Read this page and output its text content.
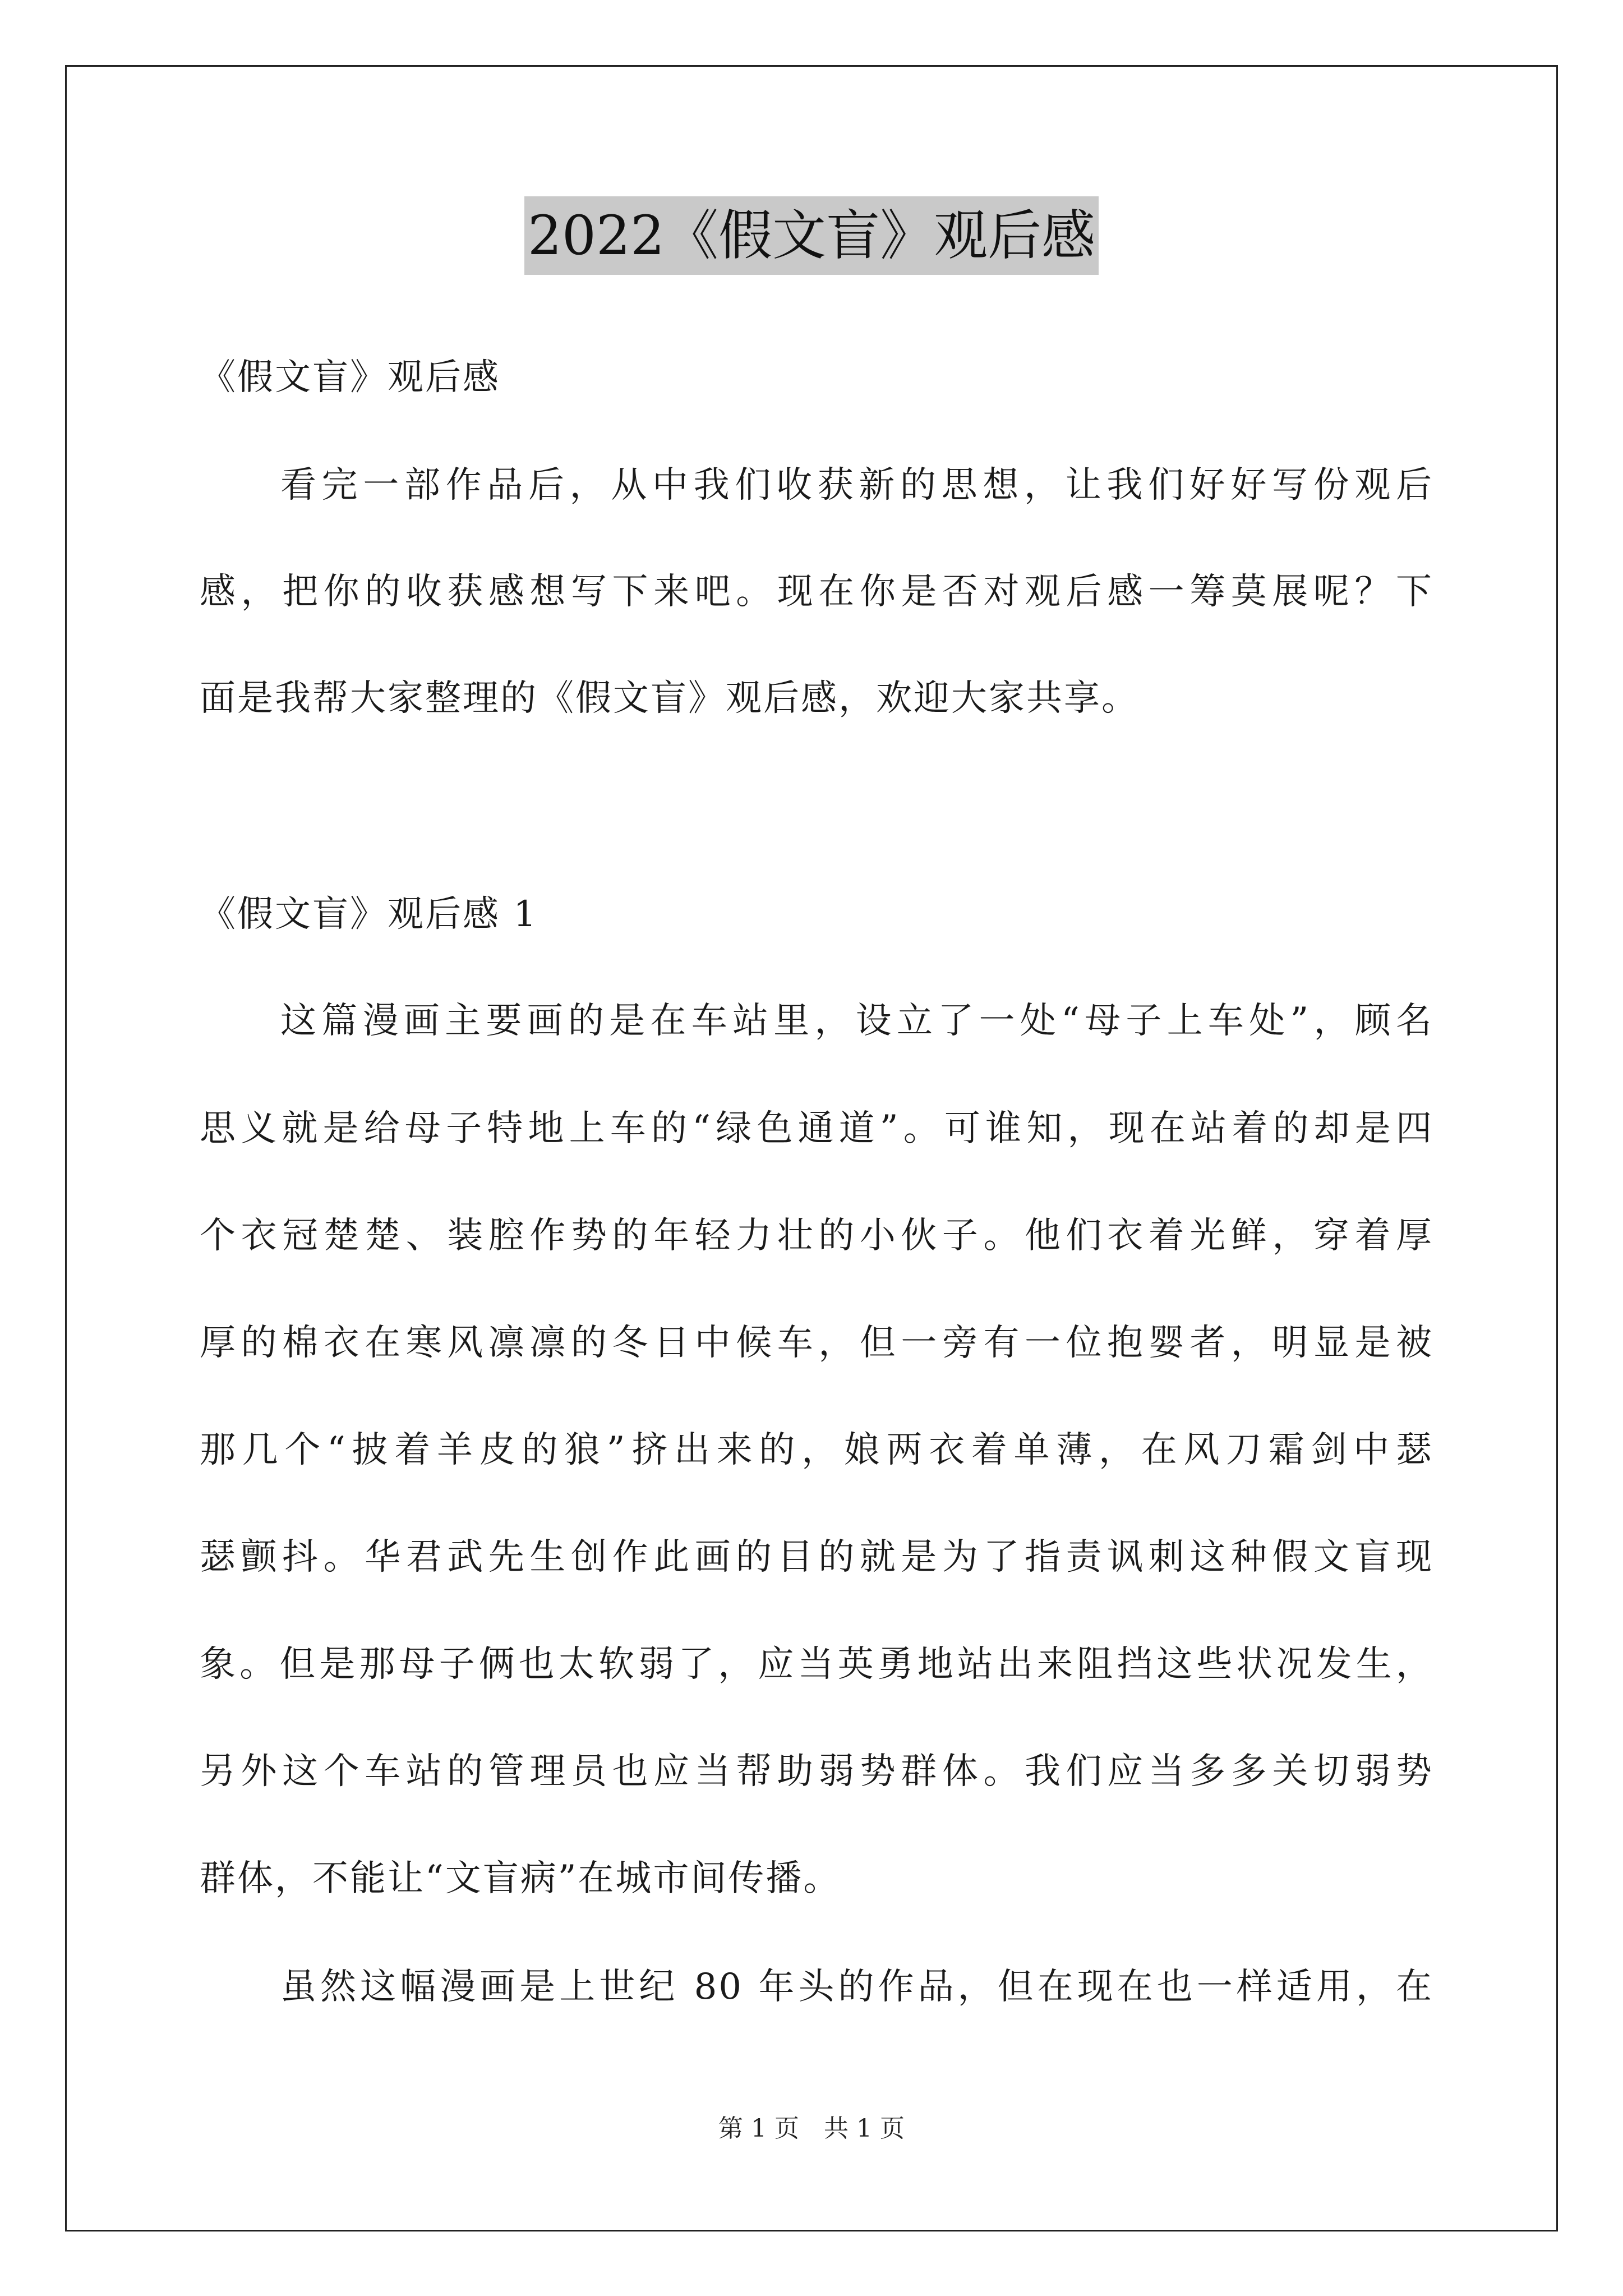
2022《假文盲》观后感
《假文盲》观后感
看完一部作品后，从中我们收获新的思想，让我们好好写份观后
感，把你的收获感想写下来吧。现在你是否对观后感一筹莫展呢？下
面是我帮大家整理的《假文盲》观后感，欢迎大家共享。
《假文盲》观后感 1
这篇漫画主要画的是在车站里，设立了一处“母子上车处”，顾名
思义就是给母子特地上车的“绿色通道”。可谁知，现在站着的却是四
个衣冠楚楚、装腔作势的年轻力壮的小伙子。他们衣着光鲜，穿着厚
厚的棉衣在寒风凛凛的冬日中候车，但一旁有一位抱婴者，明显是被
那几个“披着羊皮的狼”挤出来的，娘两衣着单薄，在风刀霜剑中瑟
瑟颤抖。华君武先生创作此画的目的就是为了指责讽刺这种假文盲现
象。但是那母子俩也太软弱了，应当英勇地站出来阻挡这些状况发生，
另外这个车站的管理员也应当帮助弱势群体。我们应当多多关切弱势
群体，不能让“文盲病”在城市间传播。
虽然这幅漫画是上世纪 80 年头的作品，但在现在也一样适用，在
第 1 页　共 1 页
